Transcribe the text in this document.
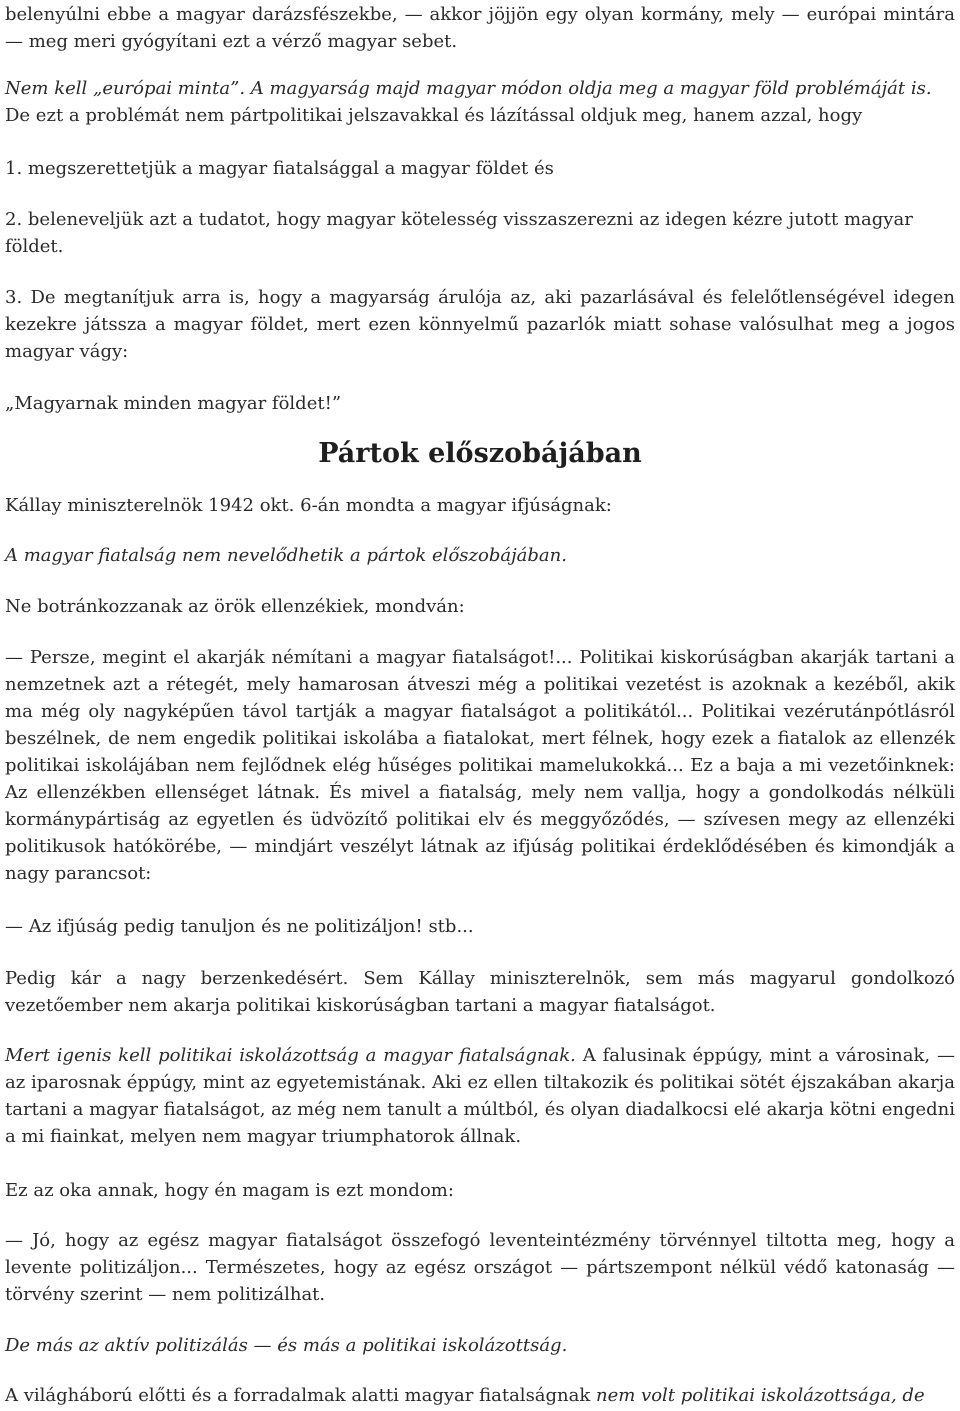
belenyúlni ebbe a magyar darázsfészekbe, — akkor jöjjön egy olyan kormány, mely — európai mintára — meg meri gyógyítani ezt a vérző magyar sebet.

Nem kell „európai minta”. A magyarság majd magyar módon oldja meg a magyar föld problémáját is.
De ezt a problémát nem pártpolitikai jelszavakkal és lázítással oldjuk meg, hanem azzal, hogy

1. megszerettetjük a magyar fiatalsággal a magyar földet és

2. beleneveljük azt a tudatot, hogy magyar kötelesség visszaszerezni az idegen kézre jutott magyar földet.

3. De megtanítjuk arra is, hogy a magyarság árulója az, aki pazarlásával és felelőtlenségével idegen kezekre játssza a magyar földet, mert ezen könnyelmű pazarlók miatt sohase valósulhat meg a jogos magyar vágy:

„Magyarnak minden magyar földet!”

Pártok előszobájában

Kállay miniszterelnök 1942 okt. 6-án mondta a magyar ifjúságnak:

A magyar fiatalság nem nevelődhetik a pártok előszobájában.

Ne botránkozzanak az örök ellenzékiek, mondván:

— Persze, megint el akarják némítani a magyar fiatalságot!... Politikai kiskorúságban akarják tartani a nemzetnek azt a rétegét, mely hamarosan átveszi még a politikai vezetést is azoknak a kezéből, akik ma még oly nagyképűen távol tartják a magyar fiatalságot a politikától... Politikai vezérutánpótlásról beszélnek, de nem engedik politikai iskolába a fiatalokat, mert félnek, hogy ezek a fiatalok az ellenzék politikai iskolájában nem fejlődnek elég hűséges politikai mamelukokká... Ez a baja a mi vezetőinknek: Az ellenzékben ellenséget látnak. És mivel a fiatalság, mely nem vallja, hogy a gondolkodás nélküli kormánypártiság az egyetlen és üdvözítő politikai elv és meggyőződés, — szívesen megy az ellenzéki politikusok hatókörébe, — mindjárt veszélyt látnak az ifjúság politikai érdeklődésében és kimondják a nagy parancsot:

— Az ifjúság pedig tanuljon és ne politizáljon! stb...

Pedig kár a nagy berzenkedésért. Sem Kállay miniszterelnök, sem más magyarul gondolkozó vezetőember nem akarja politikai kiskorúságban tartani a magyar fiatalságot.

Mert igenis kell politikai iskolázottság a magyar fiatalságnak. A falusinak éppúgy, mint a városinak, — az iparosnak éppúgy, mint az egyetemistának. Aki ez ellen tiltakozik és politikai sötét éjszakában akarja tartani a magyar fiatalságot, az még nem tanult a múltból, és olyan diadalkocsi elé akarja kötni engedni a mi fiainkat, melyen nem magyar triumphatorok állnak.

Ez az oka annak, hogy én magam is ezt mondom:

— Jó, hogy az egész magyar fiatalságot összefogó leventeintézmény törvénnyel tiltotta meg, hogy a levente politizáljon... Természetes, hogy az egész országot — pártszempont nélkül védő katonaság — törvény szerint — nem politizálhat.

De más az aktív politizálás — és más a politikai iskolázottság.

A világháború előtti és a forradalmak alatti magyar fiatalságnak nem volt politikai iskolázottsága, de
